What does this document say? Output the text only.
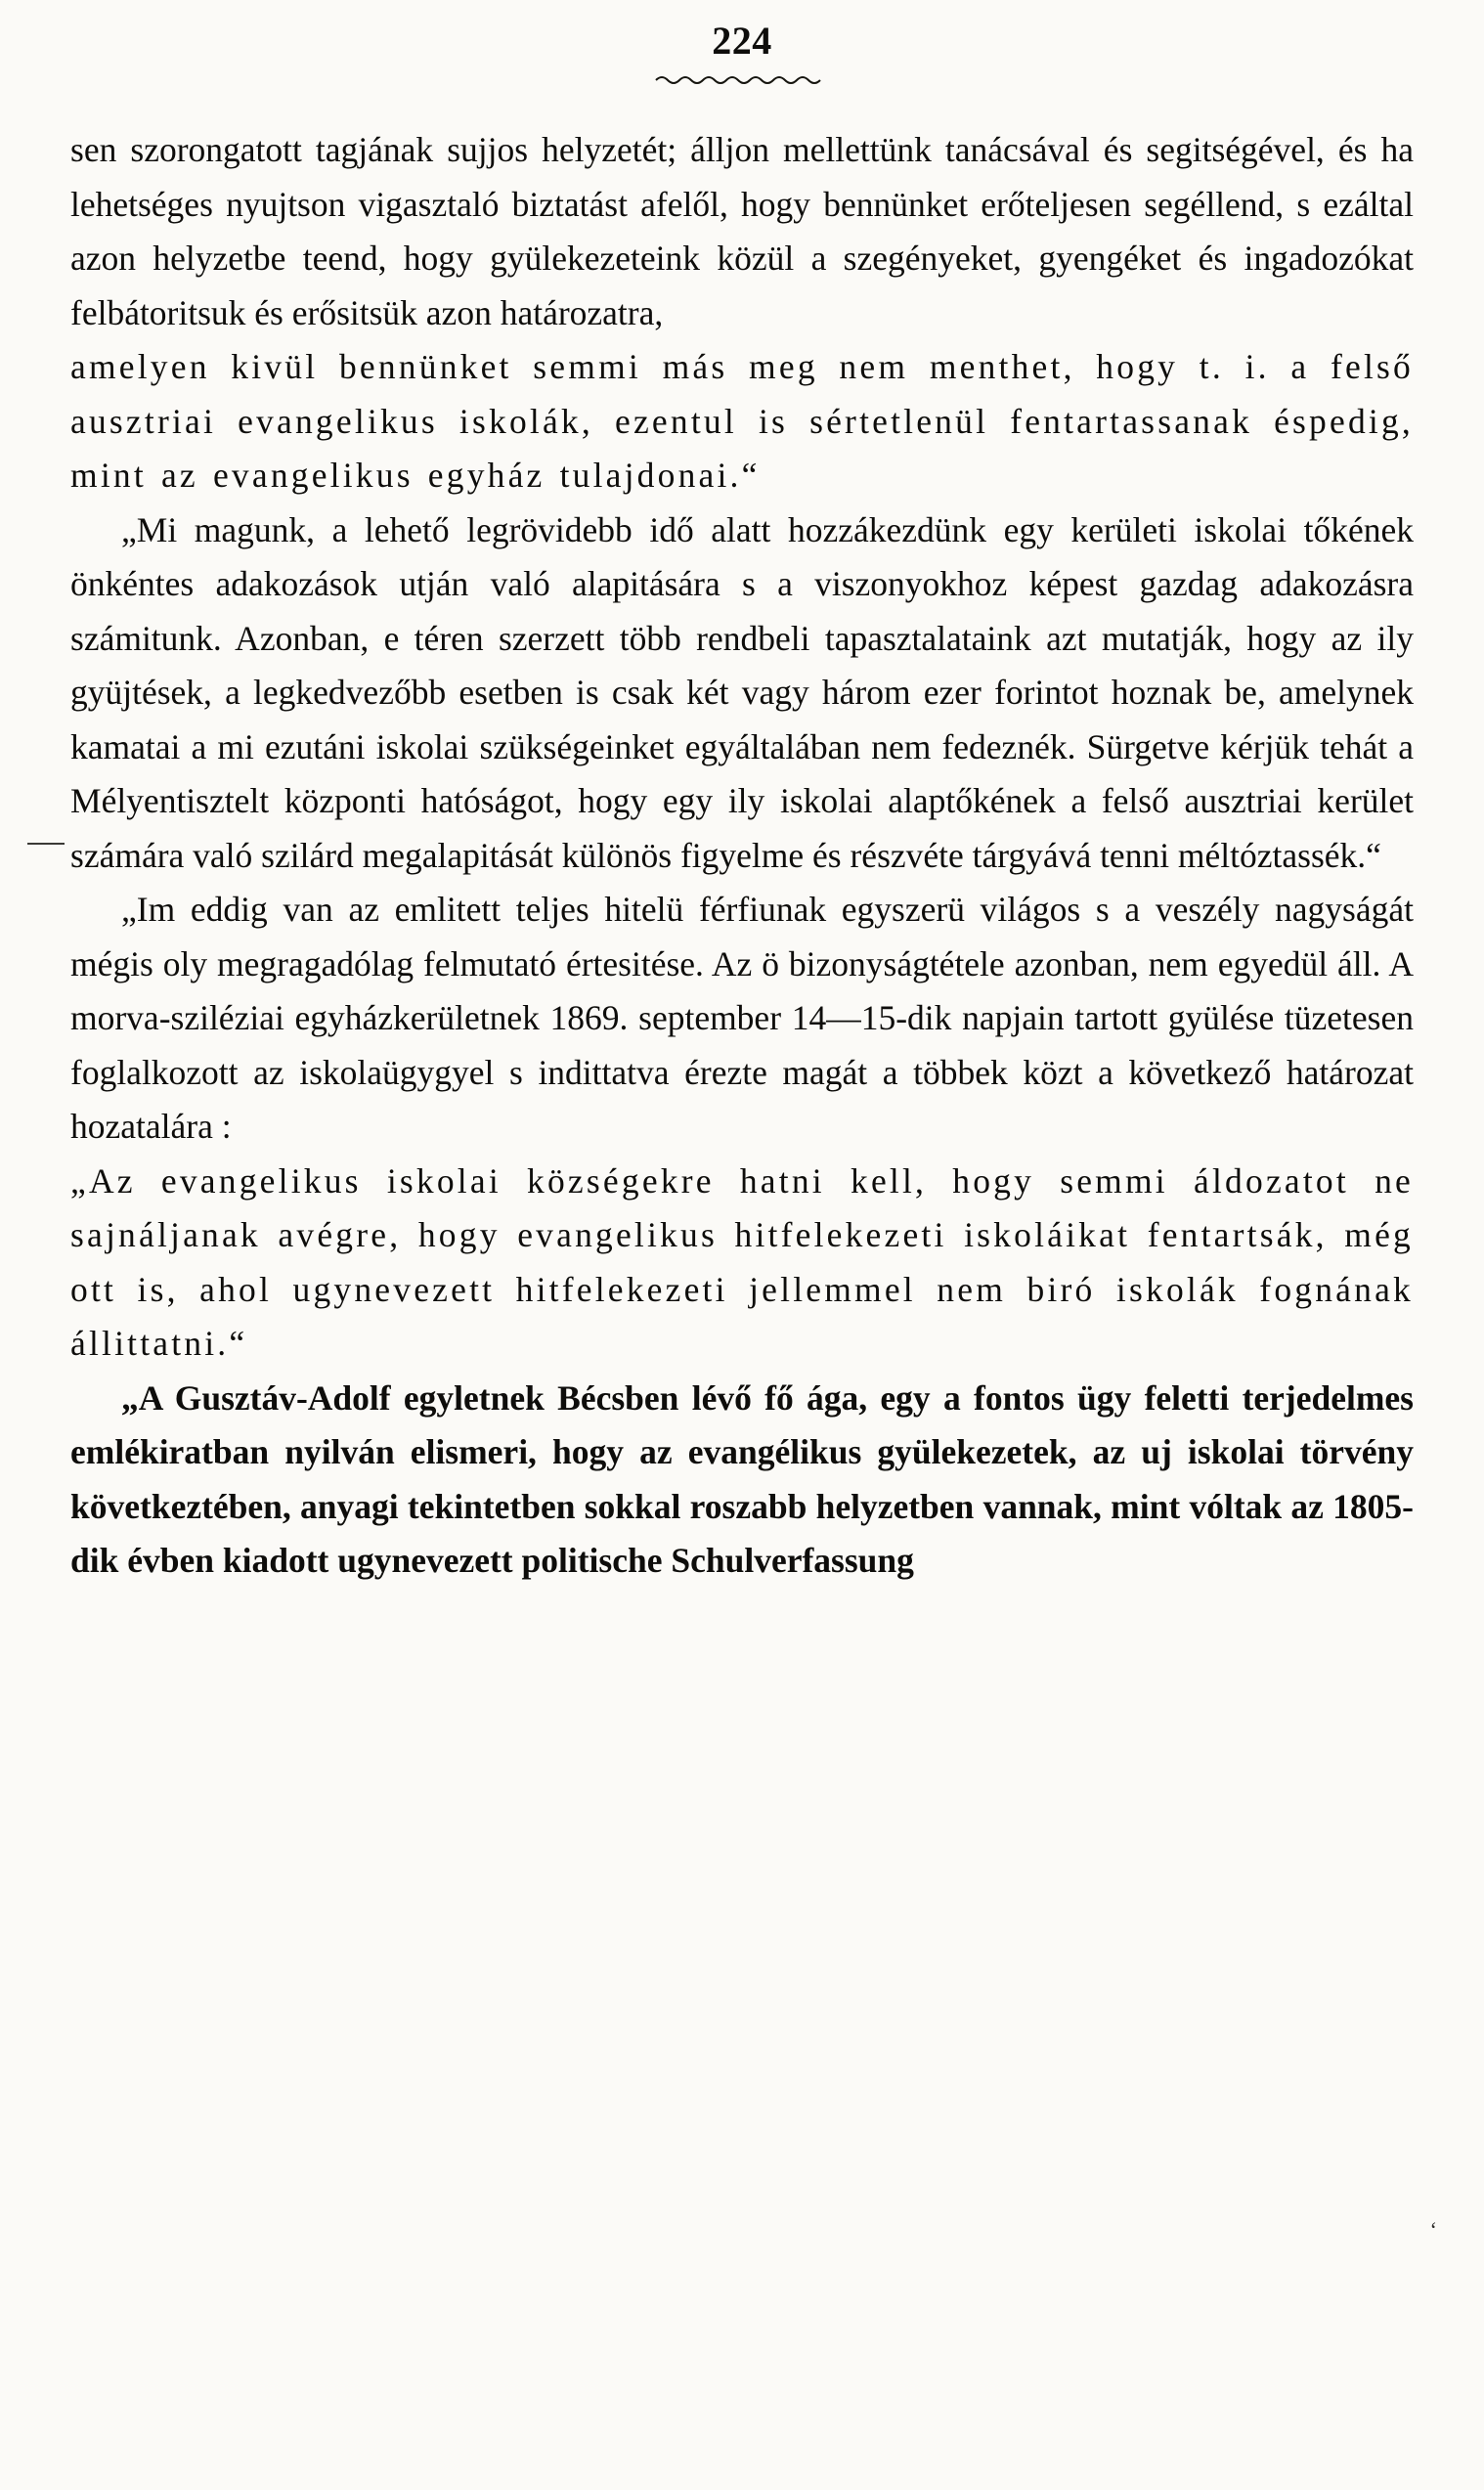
224

sen szorongatott tagjának sujjos helyzetét; álljon mellettünk tanácsával és segitségével, és ha lehetséges nyujtson vigasztaló biztatást afelől, hogy bennünket erőteljesen segéllend, s ezáltal azon helyzetbe teend, hogy gyülekezeteink közül a szegényeket, gyengéket és ingadozókat felbátoritsuk és erősitsük azon határozatra,

amelyen kivül bennünket semmi más meg nem menthet, hogy t. i. a felső ausztriai evangelikus iskolák, ezentul is sértetlenül fentartassanak éspedig, mint az evangelikus egyház tulajdonai.“

„Mi magunk, a lehető legrövidebb idő alatt hozzákezdünk egy kerületi iskolai tőkének önkéntes adakozások utján való alapitására s a viszonyokhoz képest gazdag adakozásra számitunk. Azonban, e téren szerzett több rendbeli tapasztalataink azt mutatják, hogy az ily gyüjtések, a legkedvezőbb esetben is csak két vagy három ezer forintot hoznak be, amelynek kamatai a mi ezutáni iskolai szükségeinket egyáltalában nem fedeznék. Sürgetve kérjük tehát a Mélyentisztelt központi hatóságot, hogy egy ily iskolai alaptőkének a felső ausztriai kerület számára való szilárd megalapitását különös figyelme és részvéte tárgyává tenni méltóztassék.“

„Im eddig van az emlitett teljes hitelü férfiunak egyszerü világos s a veszély nagyságát mégis oly megragadólag felmutató értesitése. Az ö bizonyságtétele azonban, nem egyedül áll. A morva-sziléziai egyházkerületnek 1869. september 14—15-dik napjain tartott gyülése tüzetesen foglalkozott az iskolaügygyel s indittatva érezte magát a többek közt a következő határozat hozatalára :

„Az evangelikus iskolai községekre hatni kell, hogy semmi áldozatot ne sajnáljanak avégre, hogy evangelikus hitfelekezeti iskoláikat fentartsák, még ott is, ahol ugynevezett hitfelekezeti jellemmel nem biró iskolák fognának állittatni.“

„A Gusztáv-Adolf egyletnek Bécsben lévő fő ága, egy a fontos ügy feletti terjedelmes emlékiratban nyilván elismeri, hogy az evangélikus gyülekezetek, az uj iskolai törvény következtében, anyagi tekintetben sokkal roszabb helyzetben vannak, mint vóltak az 1805-dik évben kiadott ugynevezett politische Schulverfassung

‘
